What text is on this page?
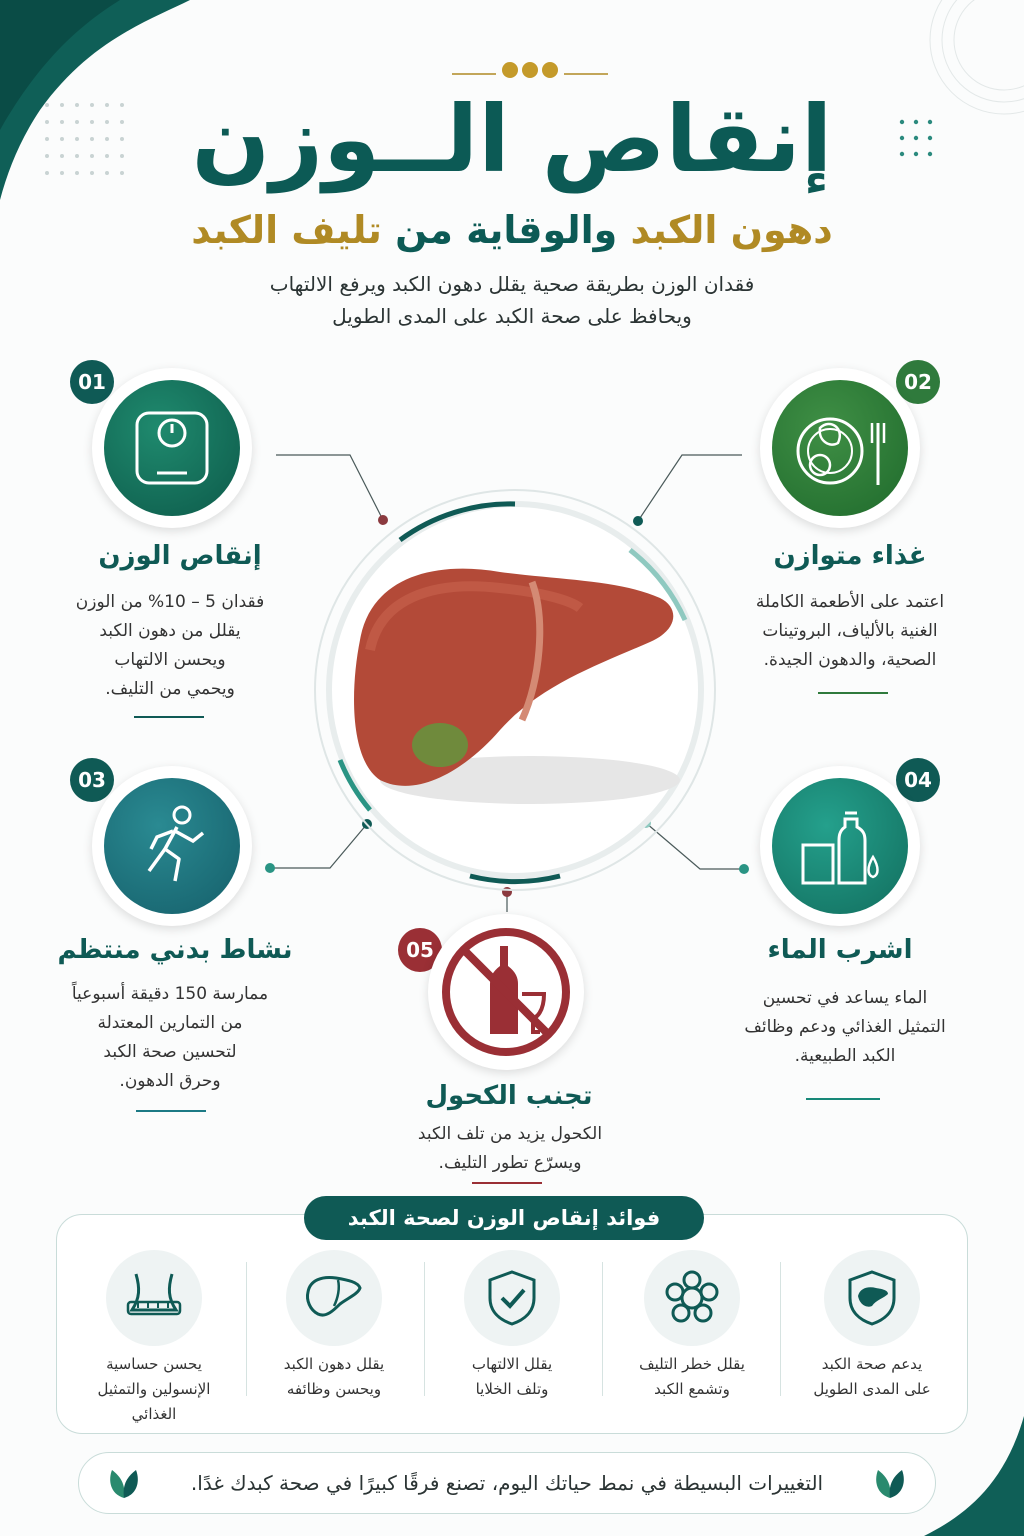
إنقاص الــوزن
دهون الكبد والوقاية من تليف الكبد
فقدان الوزن بطريقة صحية يقلل دهون الكبد ويرفع الالتهاب
ويحافظ على صحة الكبد على المدى الطويل
01
إنقاص الوزن
فقدان 5 – 10% من الوزن
يقلل من دهون الكبد
ويحسن الالتهاب
ويحمي من التليف.
02
غذاء متوازن
اعتمد على الأطعمة الكاملة
الغنية بالألياف، البروتينات
الصحية، والدهون الجيدة.
03
نشاط بدني منتظم
ممارسة 150 دقيقة أسبوعياً
من التمارين المعتدلة
لتحسين صحة الكبد
وحرق الدهون.
04
اشرب الماء
الماء يساعد في تحسين
التمثيل الغذائي ودعم وظائف
الكبد الطبيعية.
05
تجنب الكحول
الكحول يزيد من تلف الكبد
ويسرّع تطور التليف.
فوائد إنقاص الوزن لصحة الكبد
يدعم صحة الكبد
على المدى الطويل
يقلل خطر التليف
وتشمع الكبد
يقلل الالتهاب
وتلف الخلايا
يقلل دهون الكبد
ويحسن وظائفه
يحسن حساسية
الإنسولين والتمثيل
الغذائي
التغييرات البسيطة في نمط حياتك اليوم، تصنع فرقًا كبيرًا في صحة كبدك غدًا.
